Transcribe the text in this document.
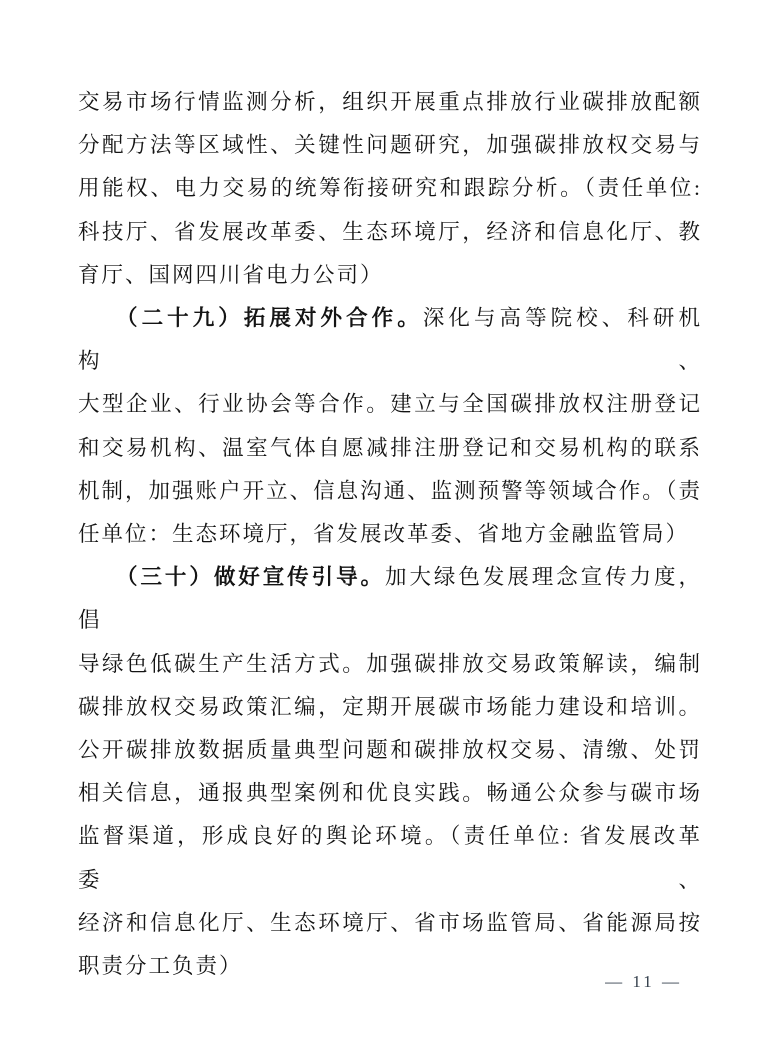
交易市场行情监测分析，组织开展重点排放行业碳排放配额
分配方法等区域性、关键性问题研究，加强碳排放权交易与
用能权、电力交易的统筹衔接研究和跟踪分析。（责任单位:
科技厅、省发展改革委、生态环境厅，经济和信息化厅、教
育厅、国网四川省电力公司）
（二十九）拓展对外合作。深化与高等院校、科研机构、
大型企业、行业协会等合作。建立与全国碳排放权注册登记
和交易机构、温室气体自愿减排注册登记和交易机构的联系
机制，加强账户开立、信息沟通、监测预警等领域合作。（责
任单位：生态环境厅，省发展改革委、省地方金融监管局）
（三十）做好宣传引导。加大绿色发展理念宣传力度，倡
导绿色低碳生产生活方式。加强碳排放交易政策解读，编制
碳排放权交易政策汇编，定期开展碳市场能力建设和培训。
公开碳排放数据质量典型问题和碳排放权交易、清缴、处罚
相关信息，通报典型案例和优良实践。畅通公众参与碳市场
监督渠道，形成良好的舆论环境。（责任单位: 省发展改革委、
经济和信息化厅、生态环境厅、省市场监管局、省能源局按
职责分工负责）
— 11 —
